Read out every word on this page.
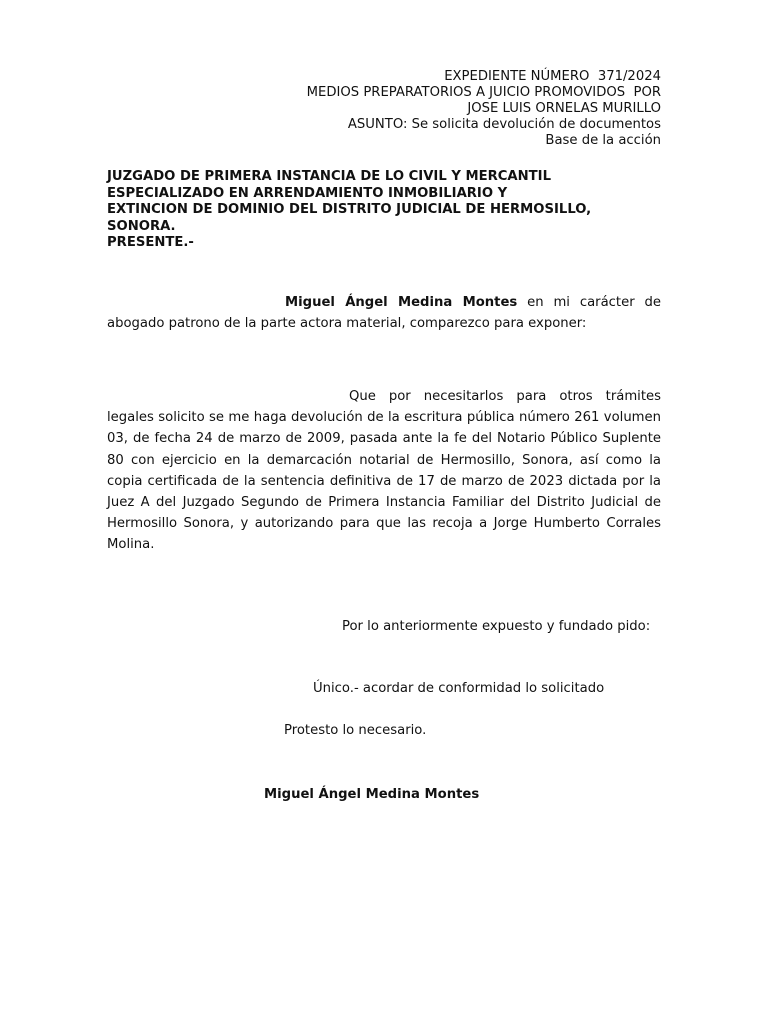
EXPEDIENTE NÚMERO  371/2024
MEDIOS PREPARATORIOS A JUICIO PROMOVIDOS  POR
JOSE LUIS ORNELAS MURILLO
ASUNTO: Se solicita devolución de documentos
Base de la acción
JUZGADO DE PRIMERA INSTANCIA DE LO CIVIL Y MERCANTIL
ESPECIALIZADO EN ARRENDAMIENTO INMOBILIARIO Y
EXTINCION DE DOMINIO DEL DISTRITO JUDICIAL DE HERMOSILLO,
SONORA.
PRESENTE.-
Miguel Ángel Medina Montes en mi carácter de abogado patrono de la parte actora material, comparezco para exponer:
Que por necesitarlos para otros trámites legales solicito se me haga devolución de la escritura pública número 261 volumen 03, de fecha 24 de marzo de 2009, pasada ante la fe del Notario Público Suplente 80 con ejercicio en la demarcación notarial de Hermosillo, Sonora, así como la copia certificada de la sentencia definitiva de 17 de marzo de 2023 dictada por la Juez A del Juzgado Segundo de Primera Instancia Familiar del Distrito Judicial de Hermosillo Sonora, y autorizando para que las recoja a Jorge Humberto Corrales Molina.
Por lo anteriormente expuesto y fundado pido:
Único.- acordar de conformidad lo solicitado
Protesto lo necesario.
Miguel Ángel Medina Montes
